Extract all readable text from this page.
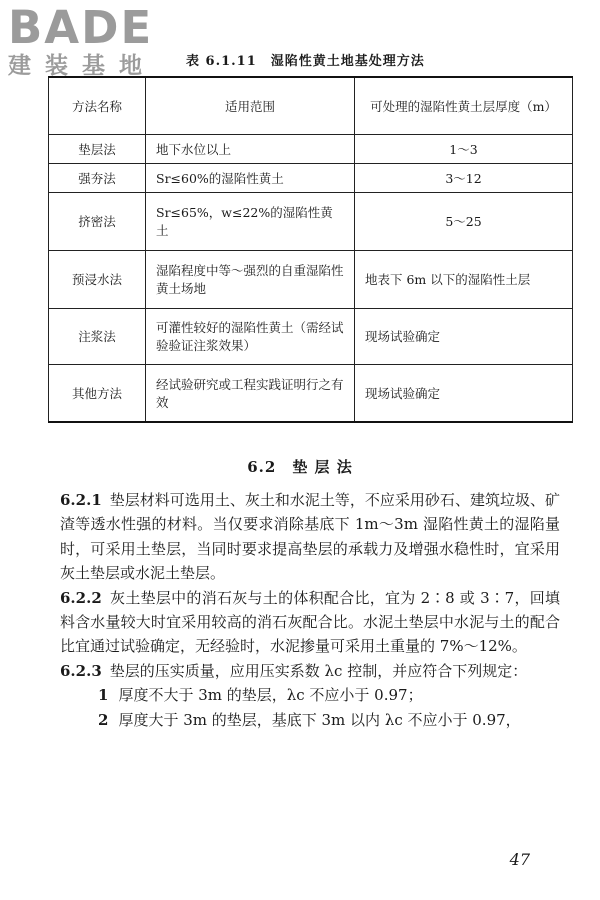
BADE
建装基地	表 6.1.11　湿陷性黄土地基处理方法
方法名称	适用范围	可处理的湿陷性黄土层厚度（m）
垫层法	地下水位以上	1～3
强夯法	Sr≤60%的湿陷性黄土	3～12
挤密法	Sr≤65%，w≤22%的湿陷性黄土	5～25
预浸水法	湿陷程度中等～强烈的自重湿陷性黄土场地	地表下 6m 以下的湿陷性土层
注浆法	可灌性较好的湿陷性黄土（需经试验验证注浆效果）	现场试验确定
其他方法	经试验研究或工程实践证明行之有效	现场试验确定
6.2　垫 层 法

6.2.1 垫层材料可选用土、灰土和水泥土等，不应采用砂石、建筑垃圾、矿渣等透水性强的材料。当仅要求消除基底下 1m～3m 湿陷性黄土的湿陷量时，可采用土垫层，当同时要求提高垫层的承载力及增强水稳性时，宜采用灰土垫层或水泥土垫层。

6.2.2 灰土垫层中的消石灰与土的体积配合比，宜为 2∶8 或 3∶7，回填料含水量较大时宜采用较高的消石灰配合比。水泥土垫层中水泥与土的配合比宜通过试验确定，无经验时，水泥掺量可采用土重量的 7%～12%。

6.2.3 垫层的压实质量，应用压实系数 λc 控制，并应符合下列规定：

1 厚度不大于 3m 的垫层，λc 不应小于 0.97；

2 厚度大于 3m 的垫层，基底下 3m 以内 λc 不应小于 0.97，

47
